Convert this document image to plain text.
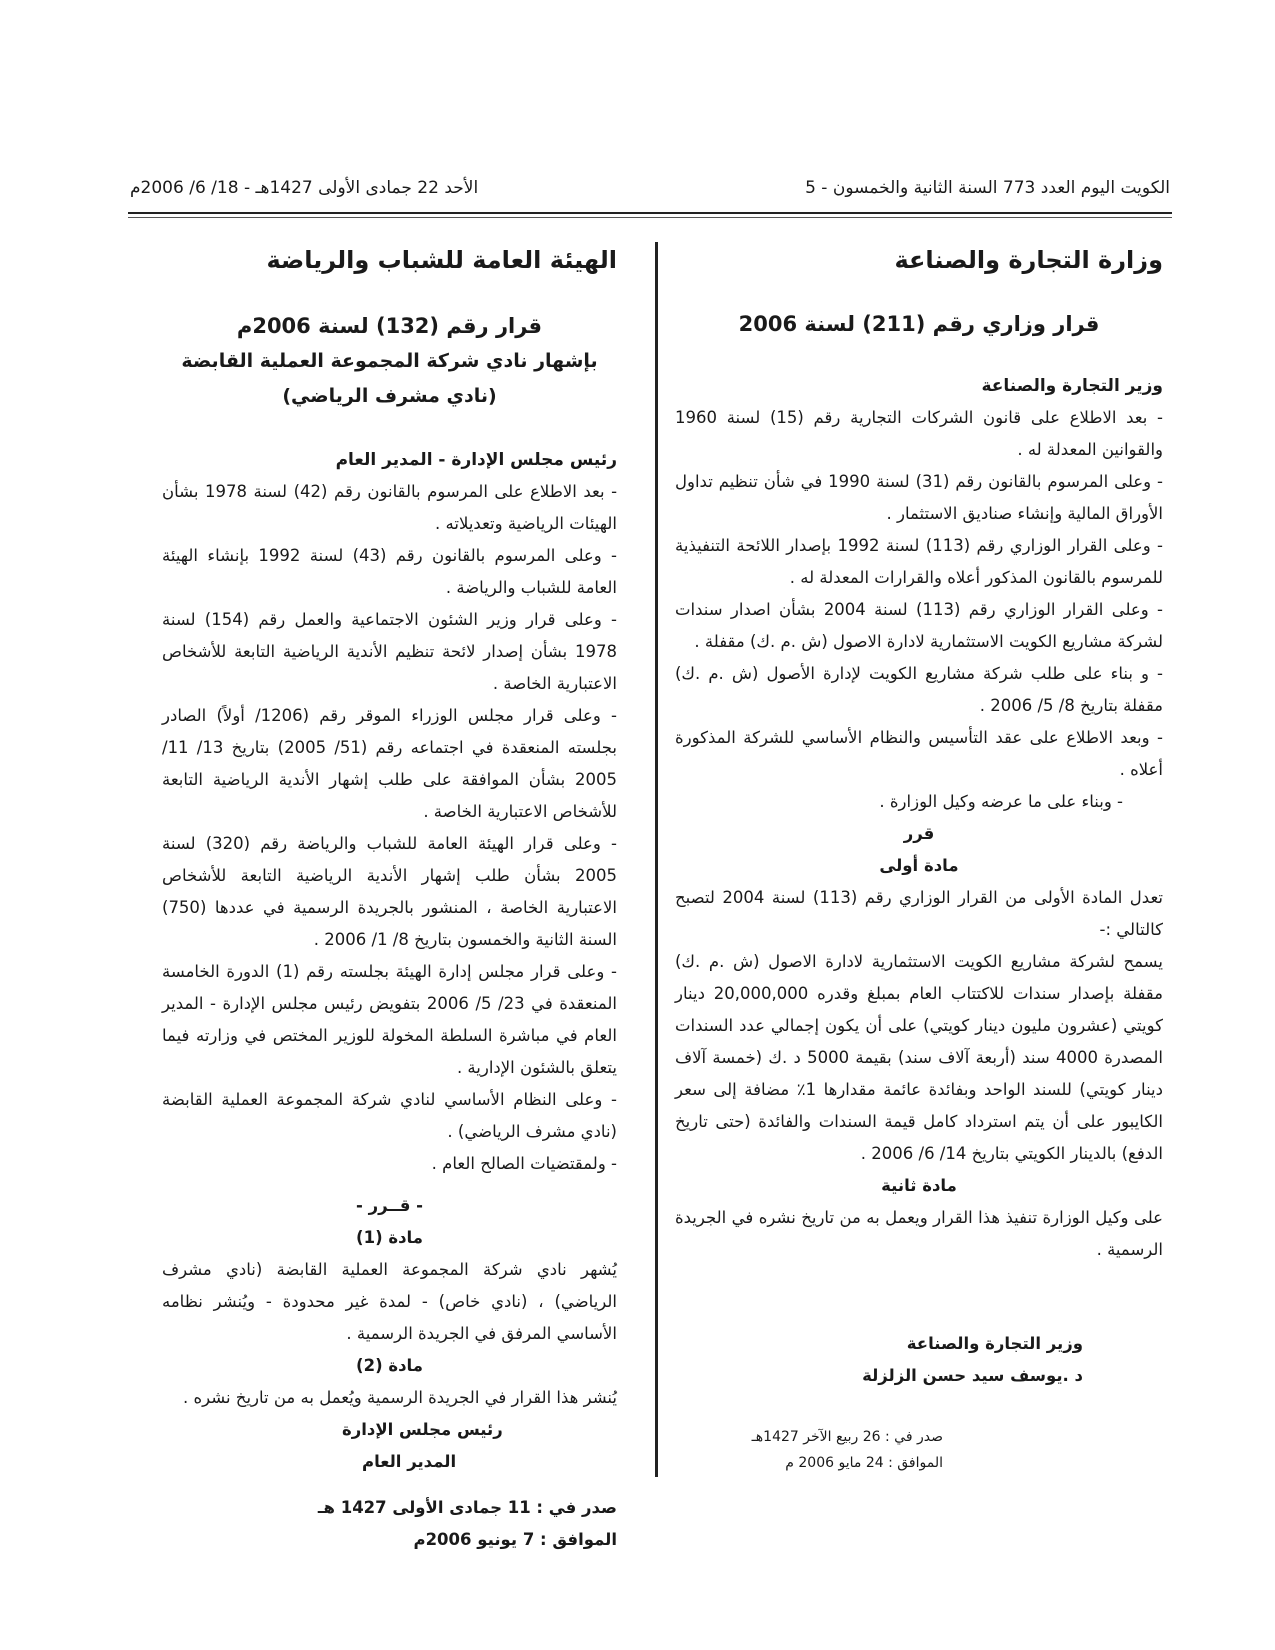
الكويت اليوم العدد 773 السنة الثانية والخمسون - 5
الأحد 22 جمادى الأولى 1427هـ - 18/ 6/ 2006م
وزارة التجارة والصناعة
قرار وزاري رقم (211) لسنة 2006
وزير التجارة والصناعة

- بعد الاطلاع على قانون الشركات التجارية رقم (15) لسنة 1960 والقوانين المعدلة له .

- وعلى المرسوم بالقانون رقم (31) لسنة 1990 في شأن تنظيم تداول الأوراق المالية وإنشاء صناديق الاستثمار .

- وعلى القرار الوزاري رقم (113) لسنة 1992 بإصدار اللائحة التنفيذية للمرسوم بالقانون المذكور أعلاه والقرارات المعدلة له .

- وعلى القرار الوزاري رقم (113) لسنة 2004 بشأن اصدار سندات لشركة مشاريع الكويت الاستثمارية لادارة الاصول (ش .م .ك) مقفلة .

- و بناء على طلب شركة مشاريع الكويت لإدارة الأصول (ش .م .ك) مقفلة بتاريخ 8/ 5/ 2006 .

- وبعد الاطلاع على عقد التأسيس والنظام الأساسي للشركة المذكورة أعلاه .

- وبناء على ما عرضه وكيل الوزارة .

قرر
مادة أولى

تعدل المادة الأولى من القرار الوزاري رقم (113) لسنة 2004 لتصبح كالتالي :-

يسمح لشركة مشاريع الكويت الاستثمارية لادارة الاصول (ش .م .ك) مقفلة بإصدار سندات للاكتتاب العام بمبلغ وقدره 20,000,000 دينار كويتي (عشرون مليون دينار كويتي) على أن يكون إجمالي عدد السندات المصدرة 4000 سند (أربعة آلاف سند) بقيمة 5000 د .ك (خمسة آلاف دينار كويتي) للسند الواحد وبفائدة عائمة مقدارها 1٪ مضافة إلى سعر الكايبور على أن يتم استرداد كامل قيمة السندات والفائدة (حتى تاريخ الدفع) بالدينار الكويتي بتاريخ 14/ 6/ 2006 .

مادة ثانية

على وكيل الوزارة تنفيذ هذا القرار ويعمل به من تاريخ نشره في الجريدة الرسمية .

وزير التجارة والصناعة
د .يوسف سيد حسن الزلزلة
صدر في : 26 ربيع الآخر 1427هـ
الموافق : 24 مايو 2006 م
الهيئة العامة للشباب والرياضة
قرار رقم (132) لسنة 2006م
بإشهار نادي شركة المجموعة العملية القابضة
(نادي مشرف الرياضي)
رئيس مجلس الإدارة - المدير العام

- بعد الاطلاع على المرسوم بالقانون رقم (42) لسنة 1978 بشأن الهيئات الرياضية وتعديلاته .

- وعلى المرسوم بالقانون رقم (43) لسنة 1992 بإنشاء الهيئة العامة للشباب والرياضة .

- وعلى قرار وزير الشئون الاجتماعية والعمل رقم (154) لسنة 1978 بشأن إصدار لائحة تنظيم الأندية الرياضية التابعة للأشخاص الاعتبارية الخاصة .

- وعلى قرار مجلس الوزراء الموقر رقم (1206/ أولاً) الصادر بجلسته المنعقدة في اجتماعه رقم (51/ 2005) بتاريخ 13/ 11/ 2005 بشأن الموافقة على طلب إشهار الأندية الرياضية التابعة للأشخاص الاعتبارية الخاصة .

- وعلى قرار الهيئة العامة للشباب والرياضة رقم (320) لسنة 2005 بشأن طلب إشهار الأندية الرياضية التابعة للأشخاص الاعتبارية الخاصة ، المنشور بالجريدة الرسمية في عددها (750) السنة الثانية والخمسون بتاريخ 8/ 1/ 2006 .

- وعلى قرار مجلس إدارة الهيئة بجلسته رقم (1) الدورة الخامسة المنعقدة في 23/ 5/ 2006 بتفويض رئيس مجلس الإدارة - المدير العام في مباشرة السلطة المخولة للوزير المختص في وزارته فيما يتعلق بالشئون الإدارية .

- وعلى النظام الأساسي لنادي شركة المجموعة العملية القابضة (نادي مشرف الرياضي) .

- ولمقتضيات الصالح العام .

- قــرر -
مادة (1)

يُشهر نادي شركة المجموعة العملية القابضة (نادي مشرف الرياضي) ، (نادي خاص) - لمدة غير محدودة - ويُنشر نظامه الأساسي المرفق في الجريدة الرسمية .

مادة (2)

يُنشر هذا القرار في الجريدة الرسمية ويُعمل به من تاريخ نشره .

رئيس مجلس الإدارة
المدير العام
صدر في : 11 جمادى الأولى 1427 هـ
الموافق : 7 يونيو 2006م
